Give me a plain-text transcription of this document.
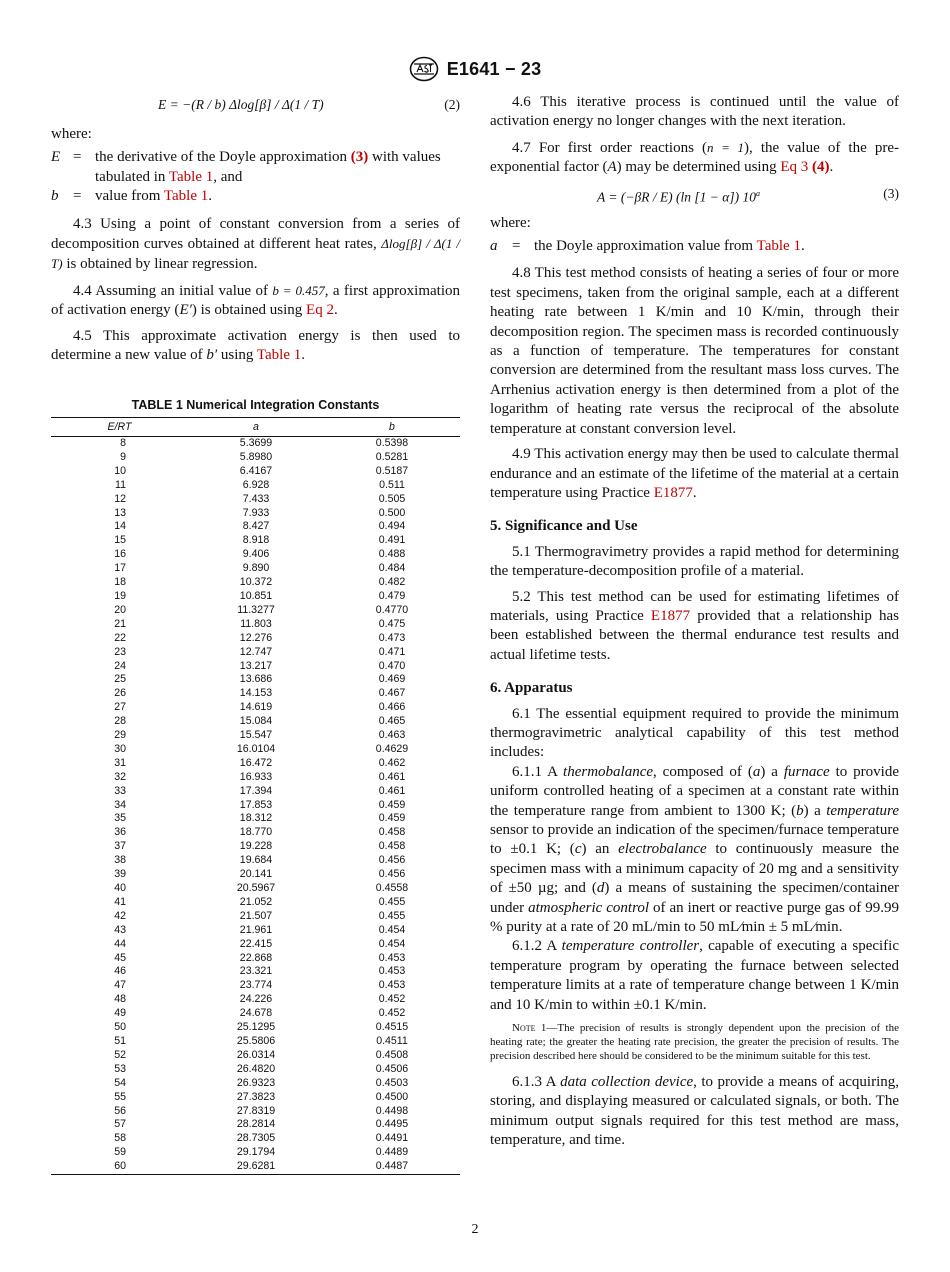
E1641 − 23
E = −(R / b) Δlog[β] / Δ(1 / T)	(2)

where:

E = the derivative of the Doyle approximation (3) with values tabulated in Table 1, and
b = value from Table 1.

4.3 Using a point of constant conversion from a series of decomposition curves obtained at different heat rates, Δlog[β] / Δ(1 / T) is obtained by linear regression.

4.4 Assuming an initial value of b = 0.457, a first approximation of activation energy (E′) is obtained using Eq 2.

4.5 This approximate activation energy is then used to determine a new value of b′ using Table 1.

TABLE 1 Numerical Integration Constants
E/RT	a	b
8	5.3699	0.5398
9	5.8980	0.5281
10	6.4167	0.5187
11	6.928	0.511
12	7.433	0.505
13	7.933	0.500
14	8.427	0.494
15	8.918	0.491
16	9.406	0.488
17	9.890	0.484
18	10.372	0.482
19	10.851	0.479
20	11.3277	0.4770
21	11.803	0.475
22	12.276	0.473
23	12.747	0.471
24	13.217	0.470
25	13.686	0.469
26	14.153	0.467
27	14.619	0.466
28	15.084	0.465
29	15.547	0.463
30	16.0104	0.4629
31	16.472	0.462
32	16.933	0.461
33	17.394	0.461
34	17.853	0.459
35	18.312	0.459
36	18.770	0.458
37	19.228	0.458
38	19.684	0.456
39	20.141	0.456
40	20.5967	0.4558
41	21.052	0.455
42	21.507	0.455
43	21.961	0.454
44	22.415	0.454
45	22.868	0.453
46	23.321	0.453
47	23.774	0.453
48	24.226	0.452
49	24.678	0.452
50	25.1295	0.4515
51	25.5806	0.4511
52	26.0314	0.4508
53	26.4820	0.4506
54	26.9323	0.4503
55	27.3823	0.4500
56	27.8319	0.4498
57	28.2814	0.4495
58	28.7305	0.4491
59	29.1794	0.4489
60	29.6281	0.4487

4.6 This iterative process is continued until the value of activation energy no longer changes with the next iteration.

4.7 For first order reactions (n = 1), the value of the pre-exponential factor (A) may be determined using Eq 3 (4).

A = (−βR / E) (ln [1 − α]) 10$^a$	(3)

where:

a = the Doyle approximation value from Table 1.

4.8 This test method consists of heating a series of four or more test specimens, taken from the original sample, each at a different heating rate between 1 K/min and 10 K/min, through their decomposition region. The specimen mass is recorded continuously as a function of temperature. The temperatures for constant conversion are determined from the resultant mass loss curves. The Arrhenius activation energy is then determined from a plot of the logarithm of heating rate versus the reciprocal of the absolute temperature at constant conversion level.

4.9 This activation energy may then be used to calculate thermal endurance and an estimate of the lifetime of the material at a certain temperature using Practice E1877.

5. Significance and Use

5.1 Thermogravimetry provides a rapid method for determining the temperature-decomposition profile of a material.

5.2 This test method can be used for estimating lifetimes of materials, using Practice E1877 provided that a relationship has been established between the thermal endurance test results and actual lifetime tests.

6. Apparatus

6.1 The essential equipment required to provide the minimum thermogravimetric analytical capability of this test method includes:

6.1.1 A thermobalance, composed of (a) a furnace to provide uniform controlled heating of a specimen at a constant rate within the temperature range from ambient to 1300 K; (b) a temperature sensor to provide an indication of the specimen/furnace temperature to ±0.1 K; (c) an electrobalance to continuously measure the specimen mass with a minimum capacity of 20 mg and a sensitivity of ±50 µg; and (d) a means of sustaining the specimen/container under atmospheric control of an inert or reactive purge gas of 99.99 % purity at a rate of 20 mL/min to 50 mL⁄min ± 5 mL⁄min.

6.1.2 A temperature controller, capable of executing a specific temperature program by operating the furnace between selected temperature limits at a rate of temperature change between 1 K/min and 10 K/min to within ±0.1 K/min.

Note 1—The precision of results is strongly dependent upon the precision of the heating rate; the greater the heating rate precision, the greater the precision of results. The precision described here should be considered to be the minimum suitable for this test.

6.1.3 A data collection device, to provide a means of acquiring, storing, and displaying measured or calculated signals, or both. The minimum output signals required for this test method are mass, temperature, and time.

2
